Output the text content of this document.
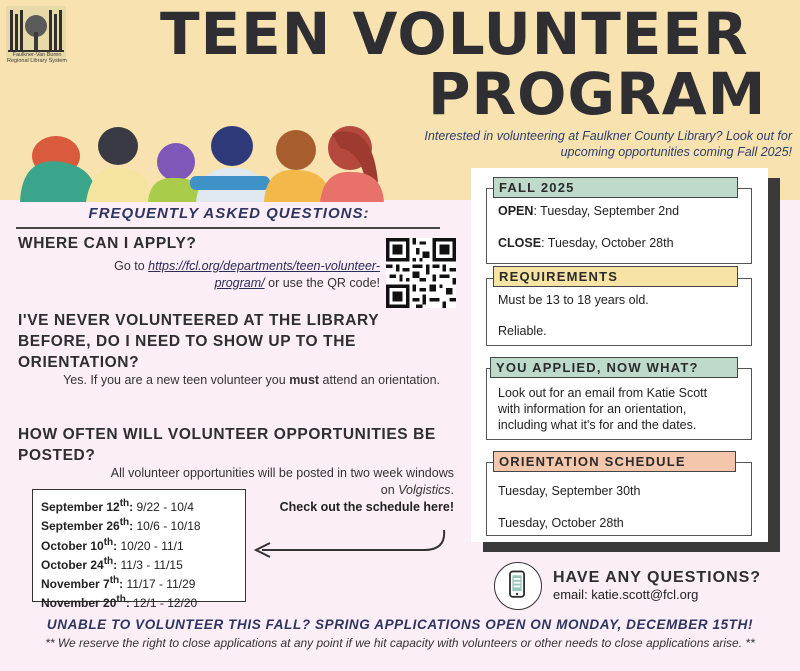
Faulkner-Van Buren Regional Library System TEEN VOLUNTEER
PROGRAM
Interested in volunteering at Faulkner County Library? Look out for upcoming opportunities coming Fall 2025!
FREQUENTLY ASKED QUESTIONS:
WHERE CAN I APPLY?
Go to https://fcl.org/departments/teen-volunteer-
program/ or use the QR code!
I'VE NEVER VOLUNTEERED AT THE LIBRARY BEFORE, DO I NEED TO SHOW UP TO THE ORIENTATION?
Yes. If you are a new teen volunteer you must attend an orientation.
HOW OFTEN WILL VOLUNTEER OPPORTUNITIES BE POSTED?
All volunteer opportunities will be posted in two week windows
on Volgistics.
September 12th: 9/22 - 10/4
September 26th: 10/6 - 10/18
October 10th: 10/20 - 11/1
October 24th: 11/3 - 11/15
November 7th: 11/17 - 11/29
November 20th: 12/1 - 12/20
Check out the schedule here!
FALL 2025
OPEN: Tuesday, September 2nd
CLOSE: Tuesday, October 28th
REQUIREMENTS
Must be 13 to 18 years old.
Reliable.
YOU APPLIED, NOW WHAT?
Look out for an email from Katie Scott
with information for an orientation,
including what it's for and the dates.
ORIENTATION SCHEDULE
Tuesday, September 30th
Tuesday, October 28th
HAVE ANY QUESTIONS?
email: katie.scott@fcl.org
UNABLE TO VOLUNTEER THIS FALL? SPRING APPLICATIONS OPEN ON MONDAY, DECEMBER 15TH!
** We reserve the right to close applications at any point if we hit capacity with volunteers or other needs to close applications arise. **
